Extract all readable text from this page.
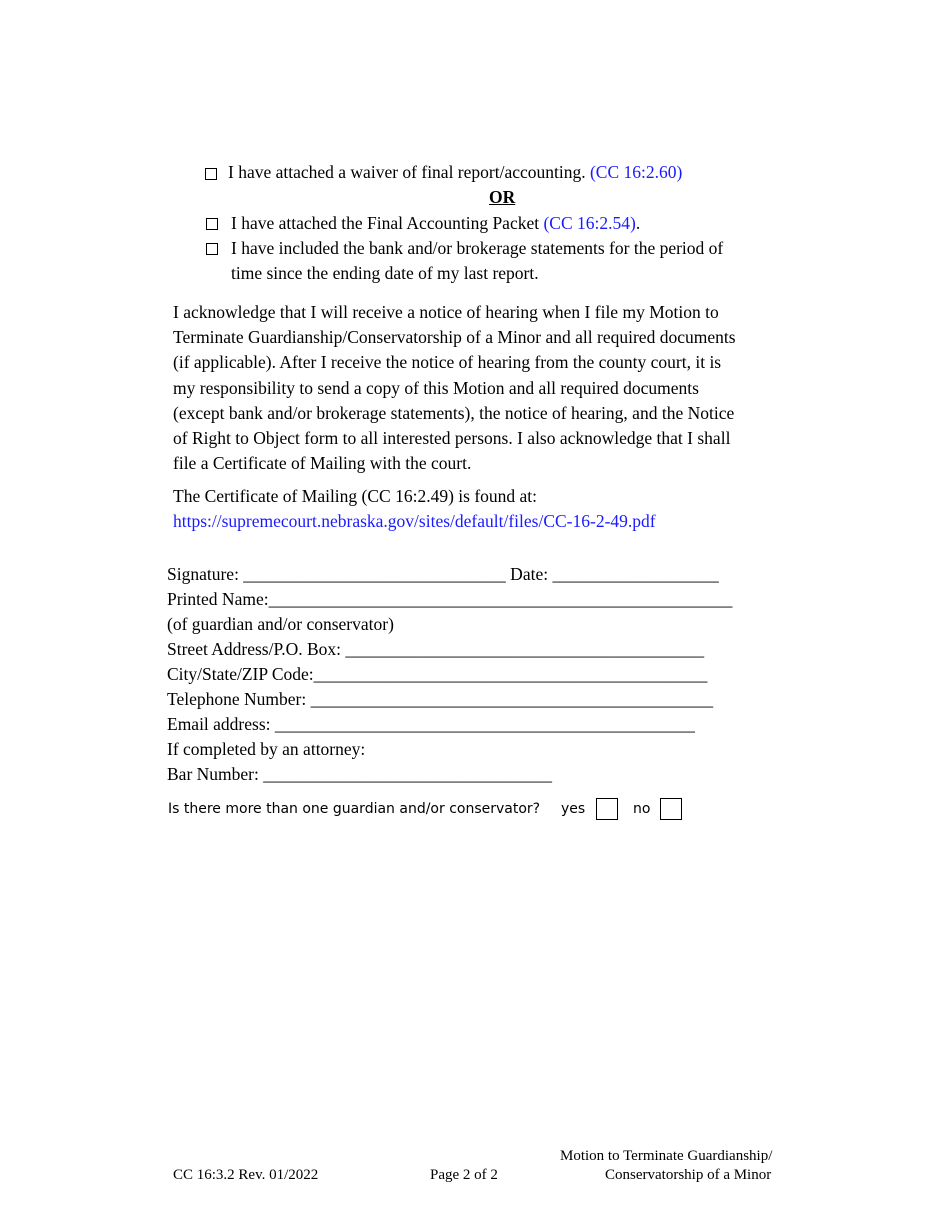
I have attached a waiver of final report/accounting. (CC 16:2.60)
OR
I have attached the Final Accounting Packet (CC 16:2.54).
I have included the bank and/or brokerage statements for the period of
time since the ending date of my last report.
I acknowledge that I will receive a notice of hearing when I file my Motion to
Terminate Guardianship/Conservatorship of a Minor and all required documents
(if applicable). After I receive the notice of hearing from the county court, it is
my responsibility to send a copy of this Motion and all required documents
(except bank and/or brokerage statements), the notice of hearing, and the Notice
of Right to Object form to all interested persons. I also acknowledge that I shall
file a Certificate of Mailing with the court.
The Certificate of Mailing (CC 16:2.49) is found at:
https://supremecourt.nebraska.gov/sites/default/files/CC-16-2-49.pdf
Signature: ______________________________ Date: ___________________
Printed Name:_____________________________________________________
(of guardian and/or conservator)
Street Address/P.O. Box: _________________________________________
City/State/ZIP Code:_____________________________________________
Telephone Number: ______________________________________________
Email address: ________________________________________________
If completed by an attorney:
Bar Number: _________________________________
Is there more than one guardian and/or conservator? yes	no
CC 16:3.2 Rev. 01/2022	Page 2 of 2
Motion to Terminate Guardianship/
Conservatorship of a Minor
